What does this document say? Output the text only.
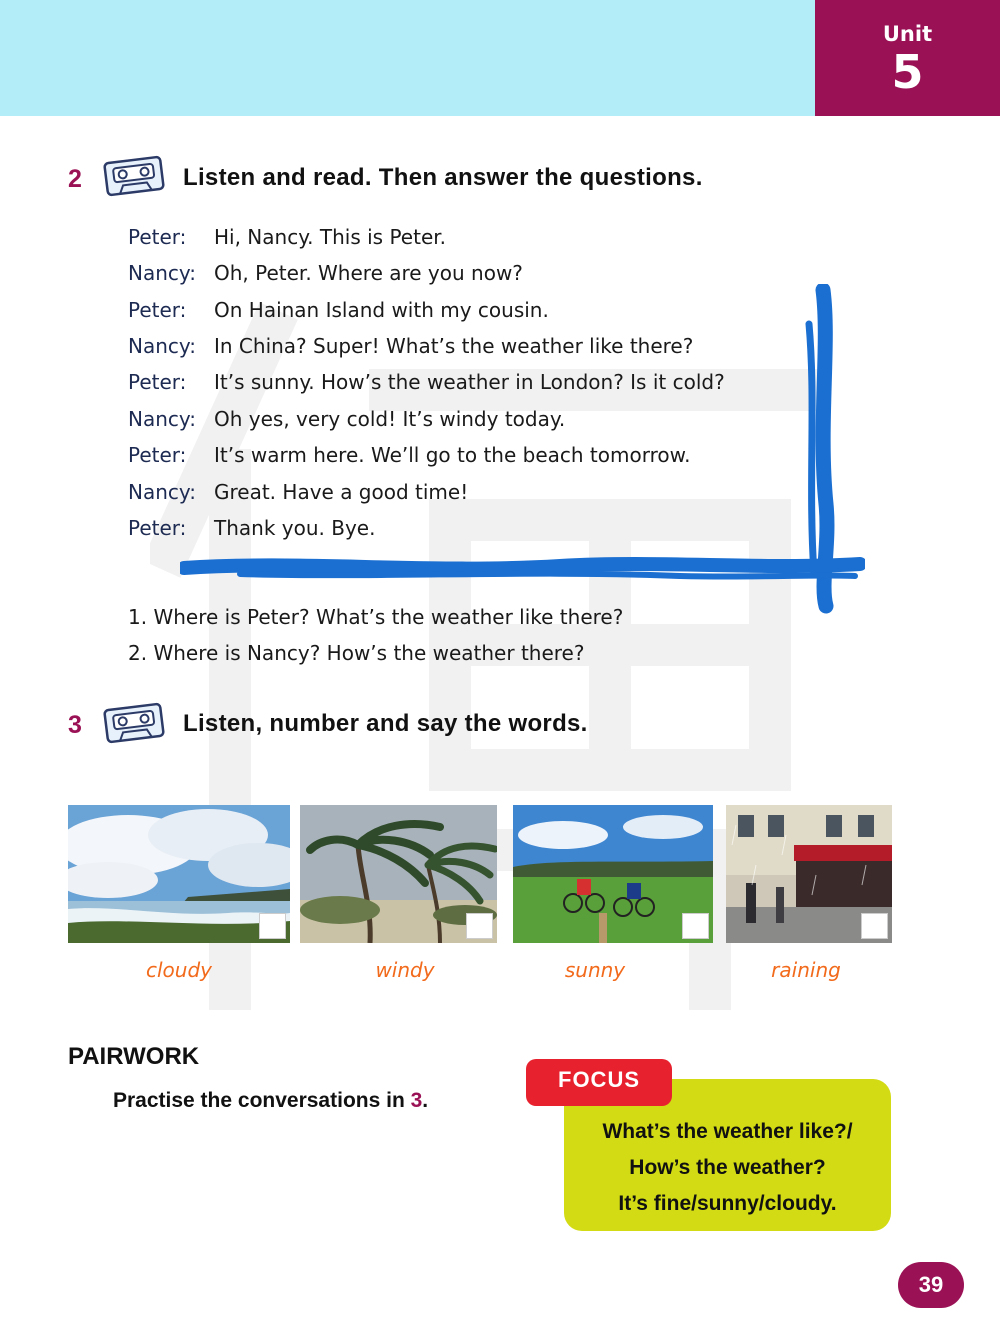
Unit
5
2	Listen and read. Then answer the questions.
Peter: Hi, Nancy. This is Peter.
Nancy: Oh, Peter. Where are you now?
Peter: On Hainan Island with my cousin.
Nancy: In China? Super! What’s the weather like there?
Peter: It’s sunny. How’s the weather in London? Is it cold?
Nancy: Oh yes, very cold! It’s windy today.
Peter: It’s warm here. We’ll go to the beach tomorrow.
Nancy: Great. Have a good time!
Peter: Thank you. Bye.
1. Where is Peter? What’s the weather like there?
2. Where is Nancy? How’s the weather there?
3	Listen, number and say the words.
cloudy	windy	sunny	raining
PAIRWORK
Practise the conversations in 3.
What’s the weather like?/
How’s the weather?
It’s fine/sunny/cloudy.
FOCUS
39
